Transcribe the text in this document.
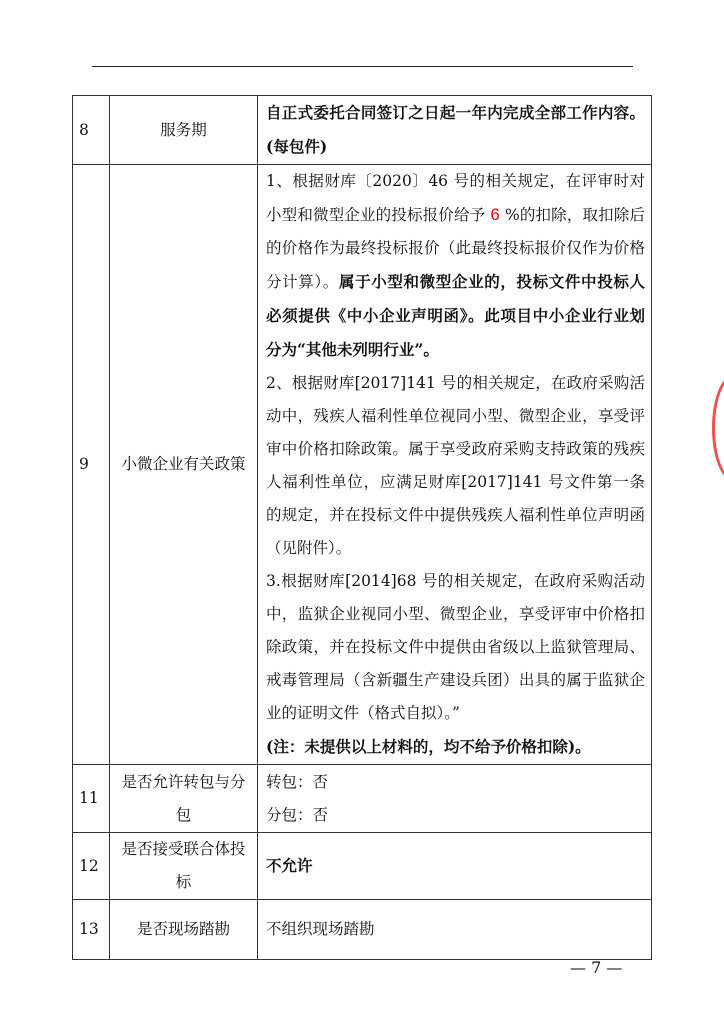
8	服务期	自正式委托合同签订之日起一年内完成全部工作内容。(每包件)

9	小微企业有关政策	1、根据财库〔2020〕46 号的相关规定，在评审时对小型和微型企业的投标报价给予 6 %的扣除，取扣除后的价格作为最终投标报价（此最终投标报价仅作为价格分计算）。属于小型和微型企业的，投标文件中投标人必须提供《中小企业声明函》。此项目中小企业行业划分为“其他未列明行业”。

2、根据财库[2017]141 号的相关规定，在政府采购活动中，残疾人福利性单位视同小型、微型企业，享受评审中价格扣除政策。属于享受政府采购支持政策的残疾人福利性单位，应满足财库[2017]141 号文件第一条的规定，并在投标文件中提供残疾人福利性单位声明函（见附件）。

3.根据财库[2014]68 号的相关规定，在政府采购活动中，监狱企业视同小型、微型企业，享受评审中价格扣除政策，并在投标文件中提供由省级以上监狱管理局、戒毒管理局（含新疆生产建设兵团）出具的属于监狱企业的证明文件（格式自拟）。”

(注：未提供以上材料的，均不给予价格扣除)。

11	是否允许转包与分包	转包：否

分包：否

12	是否接受联合体投标	不允许

13	是否现场踏勘	不组织现场踏勘

— 7 —
